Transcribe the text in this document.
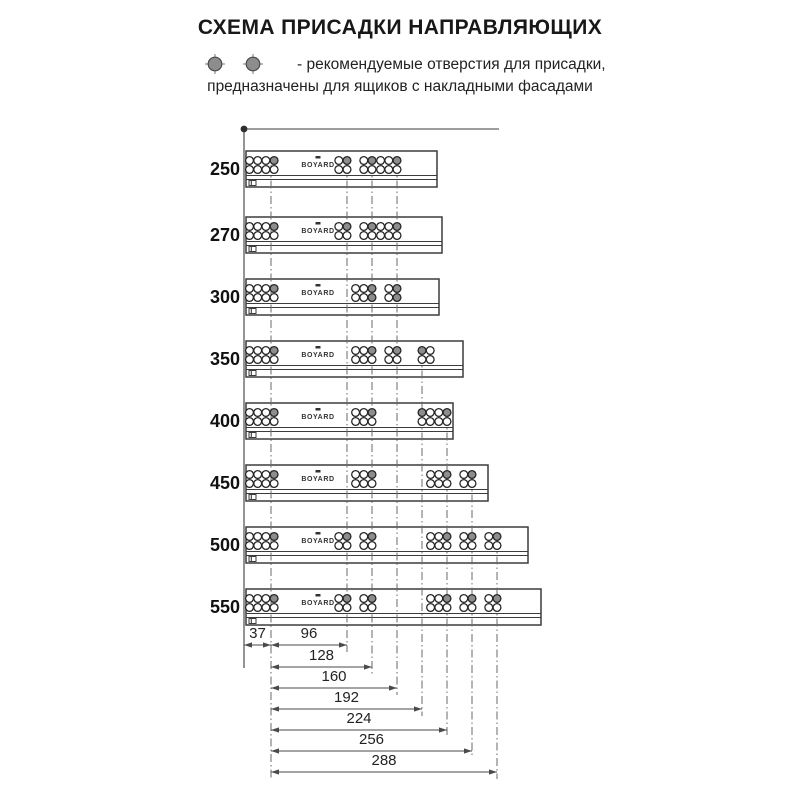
250	BOYARD
270	BOYARD
300	BOYARD
350	BOYARD
400	BOYARD
450	BOYARD
500	BOYARD
550	BOYARD
37 96
128
160
192
224
256
288
СХЕМА ПРИСАДКИ НАПРАВЛЯЮЩИХ
- рекомендуемые отверстия для присадки,
предназначены для ящиков с накладными фасадами
